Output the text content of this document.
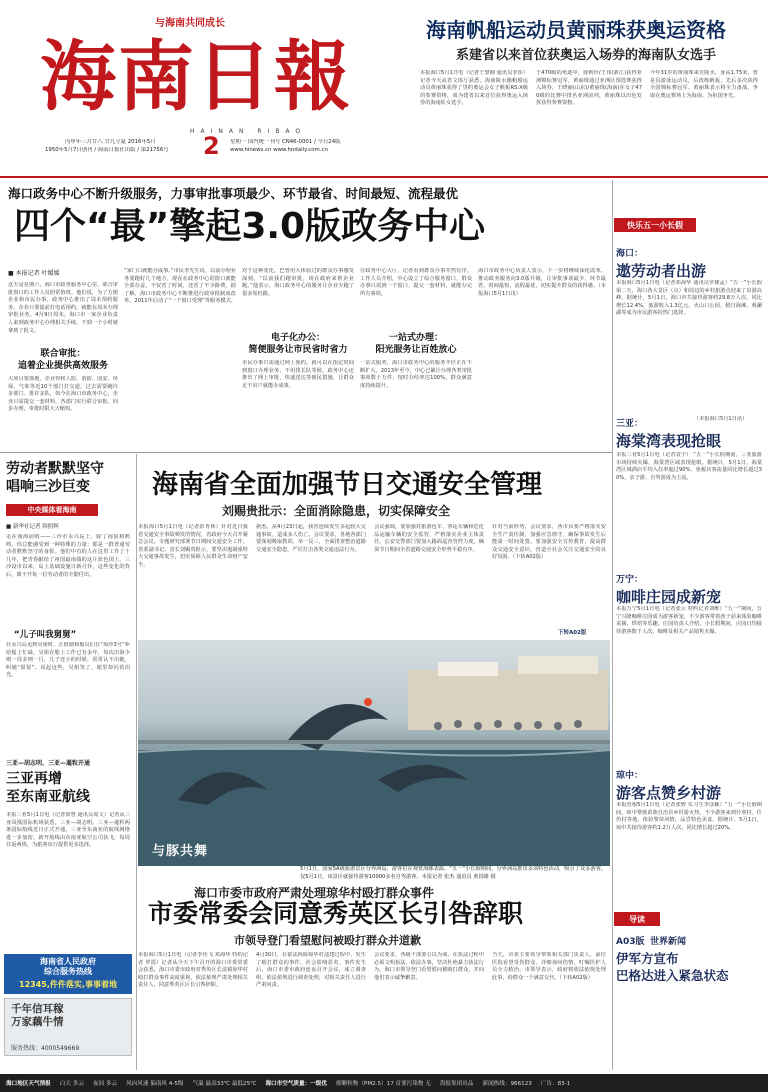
与海南共同成长
海南日報
HAINAN RIBAO
丙申年三月廿八 廿九立夏 2016年5月
1950年5月7日创刊 / 海南日报社出版 / 第21756号	2 星期一 国内统一刊号 CN46-0001 / 今日24版
www.hinews.cn www.hndaily.com.cn
海南帆船运动员黄丽珠获奥运资格
系建省以来首位获奥运入场券的海南队女选手
本报海口5月1日电（记者王黎刚 通讯员李莎）记者今天从省文体厅获悉，海南陵水籍帆船运动员黄丽珠获得了里约奥运会女子帆板RS:X级的参赛资格，成为建省以来首位获得奥运入场券的海南队女选手。
于470级的角逐中，徐莉珍/王伟(浙江)获得亚洲锦标赛冠军，黄丽珠通过亚洲区预选赛获得入场券。王晓丽(山东)/黄丽珠(海南)在女子470级的比赛中排名亚洲前列，黄丽珠以出色发挥获得参赛资格。
今年31岁的黄丽珠来自陵水，身高1.75米，曾是县游泳运动员，后改练帆板，先后多次获得全国锦标赛冠军。黄丽珠表示将全力备战，争取在奥运赛场上为海南、为祖国争光。
海口政务中心不断升级服务，力事审批事项最少、环节最省、时间最短、流程最优
四个“最”擎起3.0版政务中心
■ 本报记者 叶媛媛
这天是星期六，海口市政务服务中心里，联合审批窗口的工作人员照常值班。他们说，为了方便企业和市民办事，政务中心推出了周末预约服务，企业只要提前打电话预约，就能在周末办理审批业务。4月9日周末，海口市一家企业负责人来到政务中心办理相关手续，不到一个小时就拿到了批文。
联合审批：
追着企业提供高效服务
大项目要落地，企业得和人防、消防、国安、环保、气象等近10个部门打交道，过去需要跑许多部门、排许多队，如今在海口市政务中心，企业只需提交一套材料，各部门实行联合审批、同步办理，审批时限大大缩短。
“家门口就能办成事。”市民李先生说，以前办理业务要跑好几个地方，现在在政务中心的窗口就能全部办妥，不仅省了时间，还省了不少路费。据了解，海口市政务中心不断推进行政审批制度改革，2011年启动了“一个窗口受理”等服务模式。
对于这种变化，巴曾用大体验过的群众办事感受深刻。“以前我们跑审批，现在政府来帮企业跑。”他表示，海口政务中心的服务让企业少跑了很多冤枉路。
电子化办公：
简便服务让市民省时省力
市民办事只需通过网上预约，就可以在指定时间到窗口办理业务，不用排长队等候。政务中心还推出了网上审批、快递送达等便民措施，让群众足不出户就能办成事。
在政务中心大厅，记者看到群众办事井然有序。工作人员介绍，中心设立了综合服务窗口，群众办事只需到一个窗口、提交一套材料，就能办完所有事项。
一站式办理：
阳光服务让百姓放心
一站式服务，海口市政务中心的服务半径正在不断扩大。2013年至今，中心已累计办理各类审批事项数十万件，按时办结率达100%，群众满意度持续提升。
海口市政务中心负责人表示，下一步将继续深化改革，推动政务服务向3.0版升级，让审批事项最少、环节最省、时间最短、流程最优，切实提升群众的获得感。（本报海口5月1日讯）
快乐五一小长假
海口：
遨劳动者出游
本报海口5月1日电（记者邓海华 通讯员罗雄孟）“五一”小长假第二天，海口各大景区（点）和周边的乡村旅游点迎来了出游高峰。据统计，5月1日，海口市共接待游客约29.8万人次，同比增长12.4%，旅游收入1.3亿元。火山口公园、假日海滩、观澜湖等成为市民游客的热门选择。
（本报海口5月1日讯）
三亚：
海棠湾表现抢眼
本报三亚5月1日电（记者袁宇） “五一”小长假期间，三亚旅游市场持续火爆，海棠湾区域表现抢眼。据统计，5月1日，海棠湾区域酒店平均入住率超过90%，免税店客流量同比增长超过30%，亲子游、自驾游成为主流。
万宁：
咖啡庄园成新宠
本报万宁5月1日电（记者张云 特约记者刘维）“五一”期间，万宁兴隆咖啡庄园成为游客新宠，不少游客带着孩子前来体验咖啡采摘、烘焙等乐趣。庄园负责人介绍，小长假期间，庄园日均接待游客数千人次，咖啡及相关产品销售火爆。
琼中：
游客点赞乡村游
本报营根5月1日电（记者张野 实习生李彦颖）“五一”小长假期间，琼中黎族苗族自治县乡村游火热，不少游客来到什寒村、什仍村等地，体验黎苗风情，品尝特色美食。据统计，5月1日，琼中共接待游客约1.2万人次，同比增长超过20%。
导读
A03版 世界新闻
伊军方宣布
巴格达进入紧急状态
劳动者默默坚守
唱响三沙巨变
中央媒体看海南
■ 新华社记者 韩照辉
走在南海前哨——三沙市永兴岛上，除了海浪和鸥鸣，你总能感受到一种特殊的力量：那是一群普通劳动者默默坚守的身影。他们中有的人在这里工作了十几年，把青春献给了祖国最南端的这片蓝色国土。三沙设市以来，岛上基础设施日新月异，这些变化的背后，离不开每一位劳动者的辛勤付出。
“儿子叫我舅舅”
在永兴岛见到吴姐时，正值她和船员们在“琼沙3号”补给船上忙碌。吴姐在船上工作已有多年，每次出海少则一周多则一月，儿子还小的时候，常常认不出她，叫她“舅舅”。说起这些，吴姐笑了，眼里却闪着泪光。
三亚—胡志明、三亚—暹粒开通
三亚再增
至东南亚航线
本报三亚5月1日电（记者徐慧 通讯员周文）记者从三亚凤凰国际机场获悉，三亚—胡志明、三亚—暹粒两条国际航线近日正式开通，三亚至东南亚的航线网络进一步加密。新开航线由东南亚航空公司执飞，每周往返两班，为旅客出行提供更多选择。
海南省人民政府
综合服务热线
12345,件件落实,事事着地
千年信耳稼
万家藕牛情
服务热线：4000549669
海南省全面加强节日交通安全管理
刘赐贵批示：全面消除隐患，切实保障安全
本报海口5月1日电（记者彭青林）针对近日我省交通安全事故频发的情况，省政府今天召开紧急会议，专题研究部署节日期间交通安全工作。省委副书记、省长刘赐贵批示，要坚决遏制重特大交通事故发生，切实保障人民群众生命财产安全。
据悉，从4月23日起，我省连续发生多起较大交通事故，造成多人伤亡。会议要求，各地各部门要深刻吸取教训，举一反三，全面排查整治道路交通安全隐患，严厉打击各类交通违法行为。
会议强调，要加强对旅游包车、客运车辆和危化品运输车辆的安全监管，严格落实企业主体责任。公安交警部门要加大路面巡查管控力度，确保节日期间全省道路交通安全形势平稳有序。
针对当前形势，会议要求，各市县要严格落实安全生产责任制，加强应急值守，确保事故发生后能第一时间处置。要加强安全宣传教育，提高群众交通安全意识，营造全社会关注交通安全的良好氛围。（下转A02版）
下转A02版
与豚共舞
5月1日，国家5A级旅游景区分界洲岛，游客们在观赏海豚表演。“五一”小长假期间，分界洲岛推出多项特色活动，吸引了众多游客。仅5月1日，该景区就接待游客10000多名自驾游客。本报记者 张杰 通讯员 黄国雄 摄
海口市委市政府严肃处理琼华村殴打群众事件
市委常委会同意秀英区长引咎辞职
市领导登门看望慰问被殴打群众并道歉
本报海口5月1日电（记者李佳飞 邓海华 特约记者 罗霞）记者从今天下午召开的海口市委常委会获悉，海口市委市政府对秀英区长流镇琼华村殴打群众事件高度重视，依法依规严肃处理相关责任人，同意秀英区区长引咎辞职。
4月30日，在依法拆除琼华村违建过程中，发生了殴打群众的事件，社会影响恶劣。事件发生后，海口市委市政府连夜召开会议，成立调查组，依法依规进行调查处理，对相关责任人进行严肃问责。
会议要求，各级干部要引以为戒，在执法过程中必须文明执法、依法办事，坚决杜绝暴力执法行为。海口市领导登门看望慰问被殴打群众，并向他们表示诚挚歉意。
当天，市委主要领导带领相关部门负责人，前往医院看望受伤群众，详细询问伤情，叮嘱医护人员全力救治。市领导表示，政府将依法依规处理此事，给群众一个满意交代。（下转A02版）
海口地区天气预报 白天 多云 夜间 多云 风向风速 偏南风 4-5级 气温 最高33℃ 最低25℃ 海口市空气质量：一级优 细颗粒物（PM2.5）17 首要污染物 无 海报集团出品 新闻热线：966123 广告：83-1
